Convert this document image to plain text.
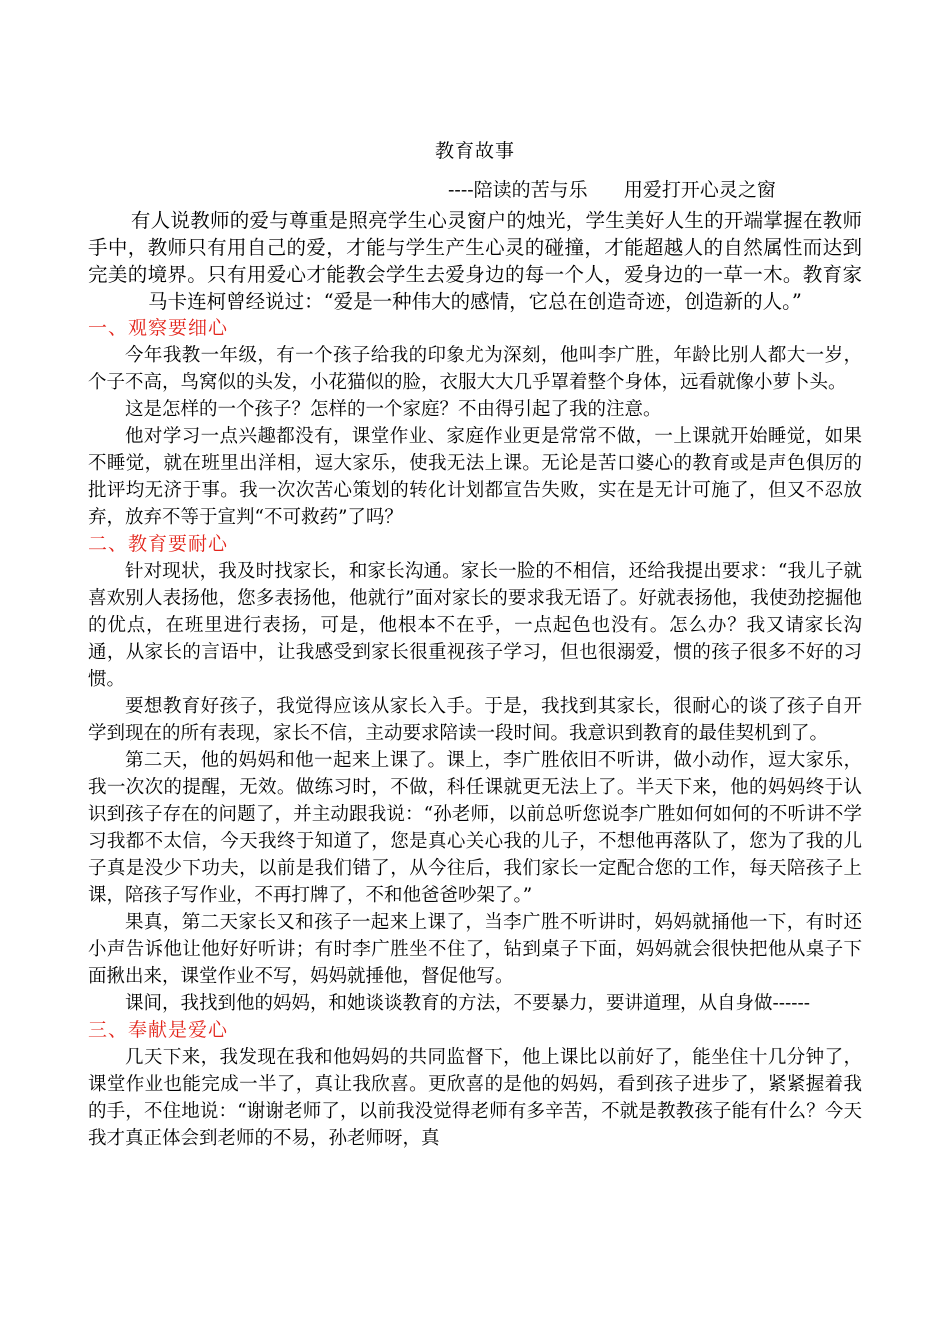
教育故事
----陪读的苦与乐      用爱打开心灵之窗

有人说教师的爱与尊重是照亮学生心灵窗户的烛光，学生美好人生的开端掌握在教师手中，教师只有用自己的爱，才能与学生产生心灵的碰撞，才能超越人的自然属性而达到完美的境界。只有用爱心才能教会学生去爱身边的每一个人，爱身边的一草一木。教育家马卡连柯曾经说过：“爱是一种伟大的感情，它总在创造奇迹，创造新的人。”

一、观察要细心

今年我教一年级，有一个孩子给我的印象尤为深刻，他叫李广胜，年龄比别人都大一岁，个子不高，鸟窝似的头发，小花猫似的脸，衣服大大几乎罩着整个身体，远看就像小萝卜头。

这是怎样的一个孩子？怎样的一个家庭？不由得引起了我的注意。

他对学习一点兴趣都没有，课堂作业、家庭作业更是常常不做，一上课就开始睡觉，如果不睡觉，就在班里出洋相，逗大家乐，使我无法上课。无论是苦口婆心的教育或是声色俱厉的批评均无济于事。我一次次苦心策划的转化计划都宣告失败，实在是无计可施了，但又不忍放弃，放弃不等于宣判“不可救药”了吗？

二、教育要耐心

针对现状，我及时找家长，和家长沟通。家长一脸的不相信，还给我提出要求：“我儿子就喜欢别人表扬他，您多表扬他，他就行”面对家长的要求我无语了。好就表扬他，我使劲挖掘他的优点，在班里进行表扬，可是，他根本不在乎，一点起色也没有。怎么办？我又请家长沟通，从家长的言语中，让我感受到家长很重视孩子学习，但也很溺爱，惯的孩子很多不好的习惯。

要想教育好孩子，我觉得应该从家长入手。于是，我找到其家长，很耐心的谈了孩子自开学到现在的所有表现，家长不信，主动要求陪读一段时间。我意识到教育的最佳契机到了。

第二天，他的妈妈和他一起来上课了。课上，李广胜依旧不听讲，做小动作，逗大家乐，我一次次的提醒，无效。做练习时，不做，科任课就更无法上了。半天下来，他的妈妈终于认识到孩子存在的问题了，并主动跟我说：“孙老师，以前总听您说李广胜如何如何的不听讲不学习我都不太信，今天我终于知道了，您是真心关心我的儿子，不想他再落队了，您为了我的儿子真是没少下功夫，以前是我们错了，从今往后，我们家长一定配合您的工作，每天陪孩子上课，陪孩子写作业，不再打牌了，不和他爸爸吵架了。”

果真，第二天家长又和孩子一起来上课了，当李广胜不听讲时，妈妈就捅他一下，有时还小声告诉他让他好好听讲；有时李广胜坐不住了，钻到桌子下面，妈妈就会很快把他从桌子下面揪出来，课堂作业不写，妈妈就捶他，督促他写。

课间，我找到他的妈妈，和她谈谈教育的方法，不要暴力，要讲道理，从自身做------

三、奉献是爱心

几天下来，我发现在我和他妈妈的共同监督下，他上课比以前好了，能坐住十几分钟了，课堂作业也能完成一半了，真让我欣喜。更欣喜的是他的妈妈，看到孩子进步了，紧紧握着我的手，不住地说：“谢谢老师了，以前我没觉得老师有多辛苦，不就是教教孩子能有什么？今天我才真正体会到老师的不易，孙老师呀，真
